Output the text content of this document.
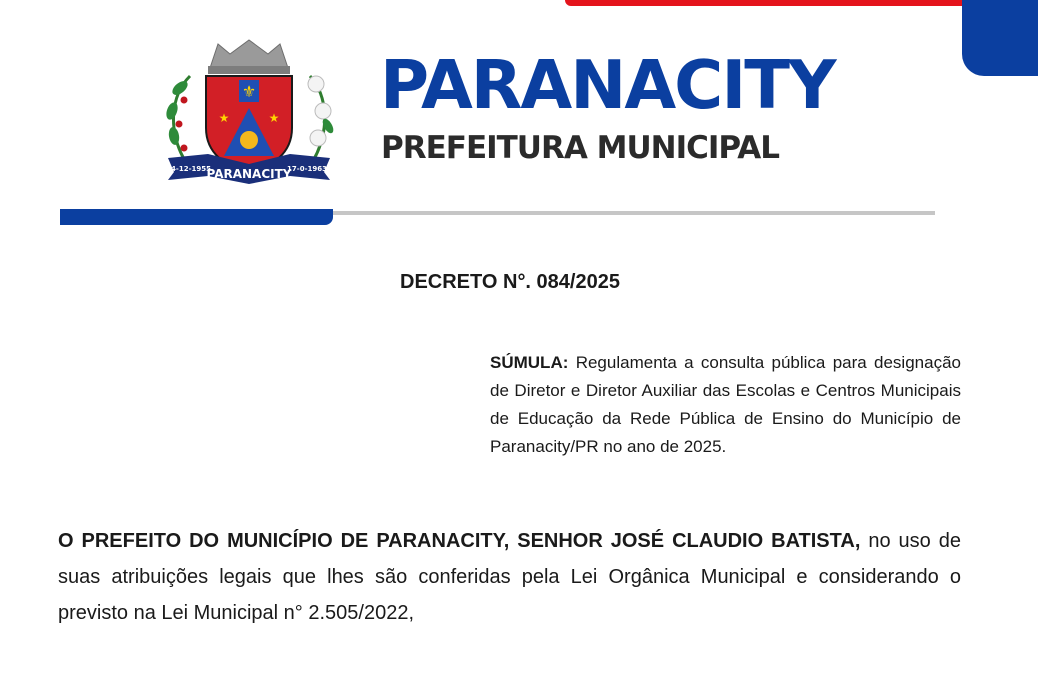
⚜
★	★
PARANACITY
4-12-1955	17-0-1963
PARANACITY
PREFEITURA MUNICIPAL
DECRETO N°. 084/2025
SÚMULA: Regulamenta a consulta pública para designação de Diretor e Diretor Auxiliar das Escolas e Centros Municipais de Educação da Rede Pública de Ensino do Município de Paranacity/PR no ano de 2025.
O PREFEITO DO MUNICÍPIO DE PARANACITY, SENHOR JOSÉ CLAUDIO BATISTA, no uso de suas atribuições legais que lhes são conferidas pela Lei Orgânica Municipal e considerando o previsto na Lei Municipal n° 2.505/2022,
